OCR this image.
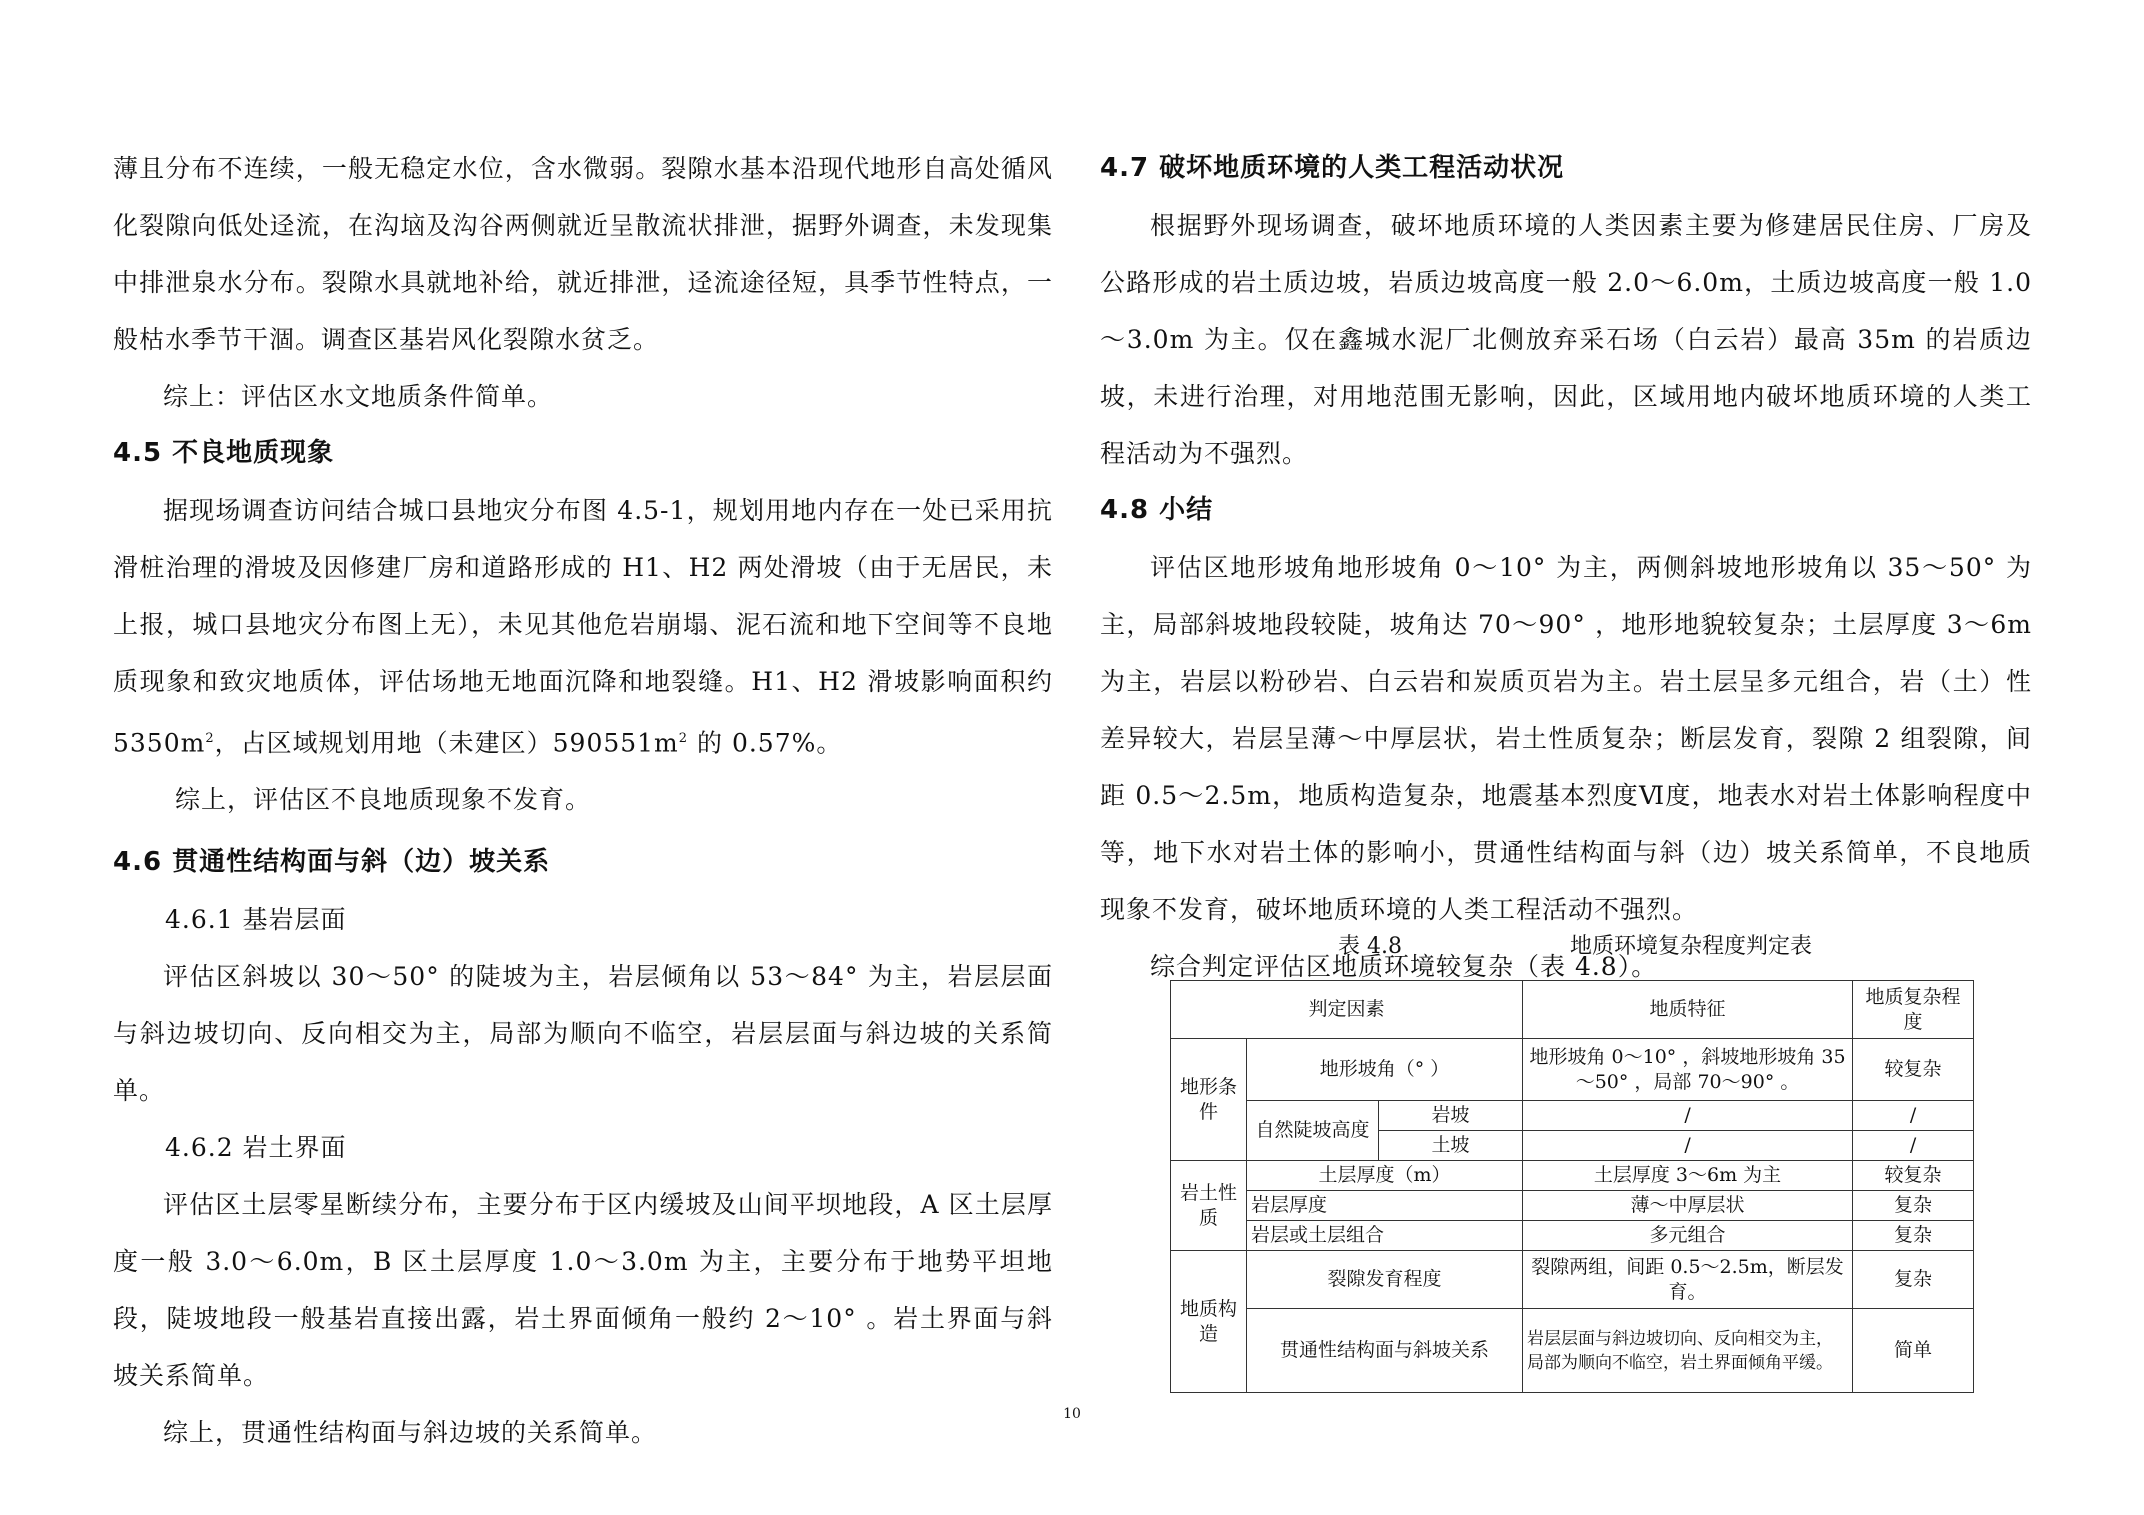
薄且分布不连续，一般无稳定水位，含水微弱。裂隙水基本沿现代地形自高处循风化裂隙向低处迳流，在沟垴及沟谷两侧就近呈散流状排泄，据野外调查，未发现集中排泄泉水分布。裂隙水具就地补给，就近排泄，迳流途径短，具季节性特点，一般枯水季节干涸。调查区基岩风化裂隙水贫乏。

综上：评估区水文地质条件简单。

4.5 不良地质现象

据现场调查访问结合城口县地灾分布图 4.5-1，规划用地内存在一处已采用抗滑桩治理的滑坡及因修建厂房和道路形成的 H1、H2 两处滑坡（由于无居民，未上报，城口县地灾分布图上无），未见其他危岩崩塌、泥石流和地下空间等不良地质现象和致灾地质体，评估场地无地面沉降和地裂缝。H1、H2 滑坡影响面积约 $5350m^2$，占区域规划用地（未建区）$590551m^2$ 的 0.57%。

综上，评估区不良地质现象不发育。

4.6 贯通性结构面与斜（边）坡关系

4.6.1 基岩层面

评估区斜坡以 30～50° 的陡坡为主，岩层倾角以 53～84° 为主，岩层层面与斜边坡切向、反向相交为主，局部为顺向不临空，岩层层面与斜边坡的关系简单。

4.6.2 岩土界面

评估区土层零星断续分布，主要分布于区内缓坡及山间平坝地段，A 区土层厚度一般 3.0～6.0m，B 区土层厚度 1.0～3.0m 为主，主要分布于地势平坦地段，陡坡地段一般基岩直接出露，岩土界面倾角一般约 2～10° 。岩土界面与斜坡关系简单。

综上，贯通性结构面与斜边坡的关系简单。

4.7 破坏地质环境的人类工程活动状况

根据野外现场调查，破坏地质环境的人类因素主要为修建居民住房、厂房及公路形成的岩土质边坡，岩质边坡高度一般 2.0～6.0m，土质边坡高度一般 1.0～3.0m 为主。仅在鑫城水泥厂北侧放弃采石场（白云岩）最高 35m 的岩质边坡，未进行治理，对用地范围无影响，因此，区域用地内破坏地质环境的人类工程活动为不强烈。

4.8 小结

评估区地形坡角地形坡角 0～10° 为主，两侧斜坡地形坡角以 35～50° 为主，局部斜坡地段较陡，坡角达 70～90° ，地形地貌较复杂；土层厚度 3～6m 为主，岩层以粉砂岩、白云岩和炭质页岩为主。岩土层呈多元组合，岩（土）性差异较大，岩层呈薄～中厚层状，岩土性质复杂；断层发育，裂隙 2 组裂隙，间距 0.5～2.5m，地质构造复杂，地震基本烈度Ⅵ度，地表水对岩土体影响程度中等，地下水对岩土体的影响小，贯通性结构面与斜（边）坡关系简单，不良地质现象不发育，破坏地质环境的人类工程活动不强烈。

综合判定评估区地质环境较复杂（表 4.8）。

表 4.8	地质环境复杂程度判定表
判定因素			地质特征	地质复杂程度
地形条件	地形坡角（° ）		地形坡角 0～10° ，斜坡地形坡角 35～50° ，局部 70～90° 。	较复杂
	自然陡坡高度	岩坡	/	/
		土坡	/	/
岩土性质	土层厚度（m）		土层厚度 3～6m 为主	较复杂
	岩层厚度		薄～中厚层状	复杂
	岩层或土层组合		多元组合	复杂
地质构造	裂隙发育程度		裂隙两组，间距 0.5～2.5m，断层发育。	复杂
	贯通性结构面与斜坡关系		岩层层面与斜边坡切向、反向相交为主，局部为顺向不临空，岩土界面倾角平缓。	简单
10
